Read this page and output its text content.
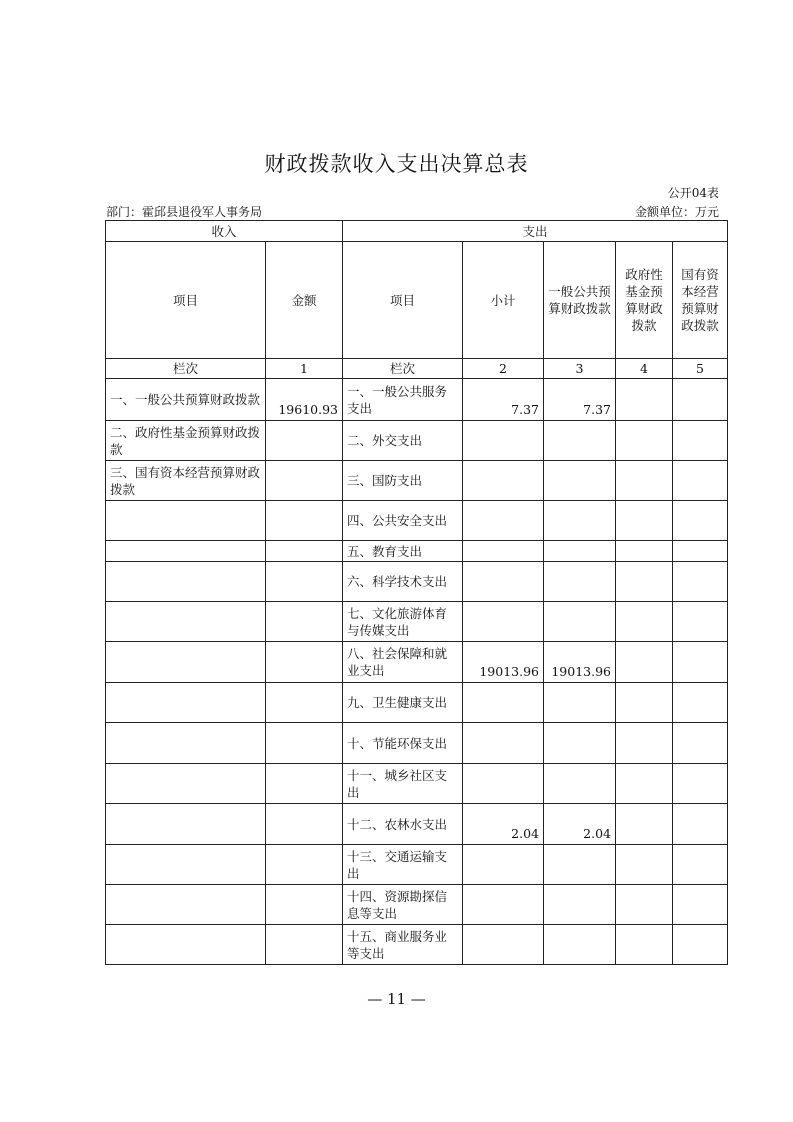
财政拨款收入支出决算总表
公开04表
部门：霍邱县退役军人事务局	金额单位：万元
收入		支出				
项目	金额	项目	小计	一般公共预算财政拨款	政府性基金预算财政拨款	国有资本经营预算财政拨款
栏次	1	栏次	2	3	4	5
一、一般公共预算财政拨款	19610.93	一、一般公共服务支出	7.37	7.37		
二、政府性基金预算财政拨款		二、外交支出				
三、国有资本经营预算财政拨款		三、国防支出				
		四、公共安全支出				
		五、教育支出				
		六、科学技术支出				
		七、文化旅游体育与传媒支出				
		八、社会保障和就业支出	19013.96	19013.96		
		九、卫生健康支出				
		十、节能环保支出				
		十一、城乡社区支出				
		十二、农林水支出	2.04	2.04		
		十三、交通运输支出				
		十四、资源勘探信息等支出				
		十五、商业服务业等支出				
— 11 —
